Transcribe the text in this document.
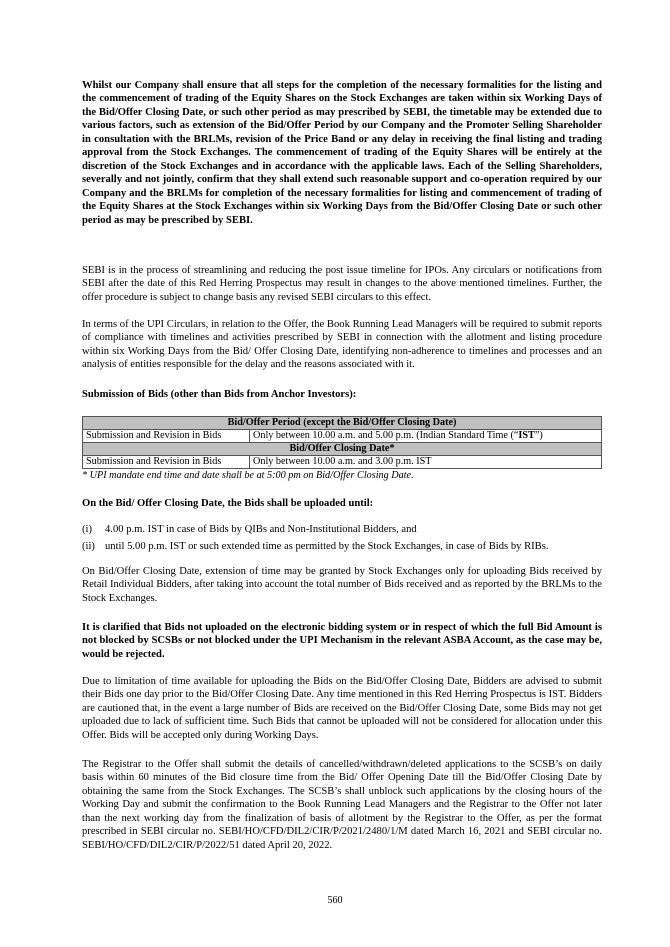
Whilst our Company shall ensure that all steps for the completion of the necessary formalities for the listing and the commencement of trading of the Equity Shares on the Stock Exchanges are taken within six Working Days of the Bid/Offer Closing Date, or such other period as may prescribed by SEBI, the timetable may be extended due to various factors, such as extension of the Bid/Offer Period by our Company and the Promoter Selling Shareholder in consultation with the BRLMs, revision of the Price Band or any delay in receiving the final listing and trading approval from the Stock Exchanges. The commencement of trading of the Equity Shares will be entirely at the discretion of the Stock Exchanges and in accordance with the applicable laws. Each of the Selling Shareholders, severally and not jointly, confirm that they shall extend such reasonable support and co-operation required by our Company and the BRLMs for completion of the necessary formalities for listing and commencement of trading of the Equity Shares at the Stock Exchanges within six Working Days from the Bid/Offer Closing Date or such other period as may be prescribed by SEBI.
SEBI is in the process of streamlining and reducing the post issue timeline for IPOs. Any circulars or notifications from SEBI after the date of this Red Herring Prospectus may result in changes to the above mentioned timelines. Further, the offer procedure is subject to change basis any revised SEBI circulars to this effect.
In terms of the UPI Circulars, in relation to the Offer, the Book Running Lead Managers will be required to submit reports of compliance with timelines and activities prescribed by SEBI in connection with the allotment and listing procedure within six Working Days from the Bid/ Offer Closing Date, identifying non-adherence to timelines and processes and an analysis of entities responsible for the delay and the reasons associated with it.
Submission of Bids (other than Bids from Anchor Investors):
Bid/Offer Period (except the Bid/Offer Closing Date)	
Submission and Revision in Bids	Only between 10.00 a.m. and 5.00 p.m. (Indian Standard Time (“IST”)
Bid/Offer Closing Date*	
Submission and Revision in Bids	Only between 10.00 a.m. and 3.00 p.m. IST
* UPI mandate end time and date shall be at 5:00 pm on Bid/Offer Closing Date.
On the Bid/ Offer Closing Date, the Bids shall be uploaded until:
(i) 4.00 p.m. IST in case of Bids by QIBs and Non-Institutional Bidders, and
(ii) until 5.00 p.m. IST or such extended time as permitted by the Stock Exchanges, in case of Bids by RIBs.
On Bid/Offer Closing Date, extension of time may be granted by Stock Exchanges only for uploading Bids received by Retail Individual Bidders, after taking into account the total number of Bids received and as reported by the BRLMs to the Stock Exchanges.
It is clarified that Bids not uploaded on the electronic bidding system or in respect of which the full Bid Amount is not blocked by SCSBs or not blocked under the UPI Mechanism in the relevant ASBA Account, as the case may be, would be rejected.
Due to limitation of time available for uploading the Bids on the Bid/Offer Closing Date, Bidders are advised to submit their Bids one day prior to the Bid/Offer Closing Date. Any time mentioned in this Red Herring Prospectus is IST. Bidders are cautioned that, in the event a large number of Bids are received on the Bid/Offer Closing Date, some Bids may not get uploaded due to lack of sufficient time. Such Bids that cannot be uploaded will not be considered for allocation under this Offer. Bids will be accepted only during Working Days.
The Registrar to the Offer shall submit the details of cancelled/withdrawn/deleted applications to the SCSB’s on daily basis within 60 minutes of the Bid closure time from the Bid/ Offer Opening Date till the Bid/Offer Closing Date by obtaining the same from the Stock Exchanges. The SCSB’s shall unblock such applications by the closing hours of the Working Day and submit the confirmation to the Book Running Lead Managers and the Registrar to the Offer not later than the next working day from the finalization of basis of allotment by the Registrar to the Offer, as per the format prescribed in SEBI circular no. SEBI/HO/CFD/DIL2/CIR/P/2021/2480/1/M dated March 16, 2021 and SEBI circular no. SEBI/HO/CFD/DIL2/CIR/P/2022/51 dated April 20, 2022.
560
